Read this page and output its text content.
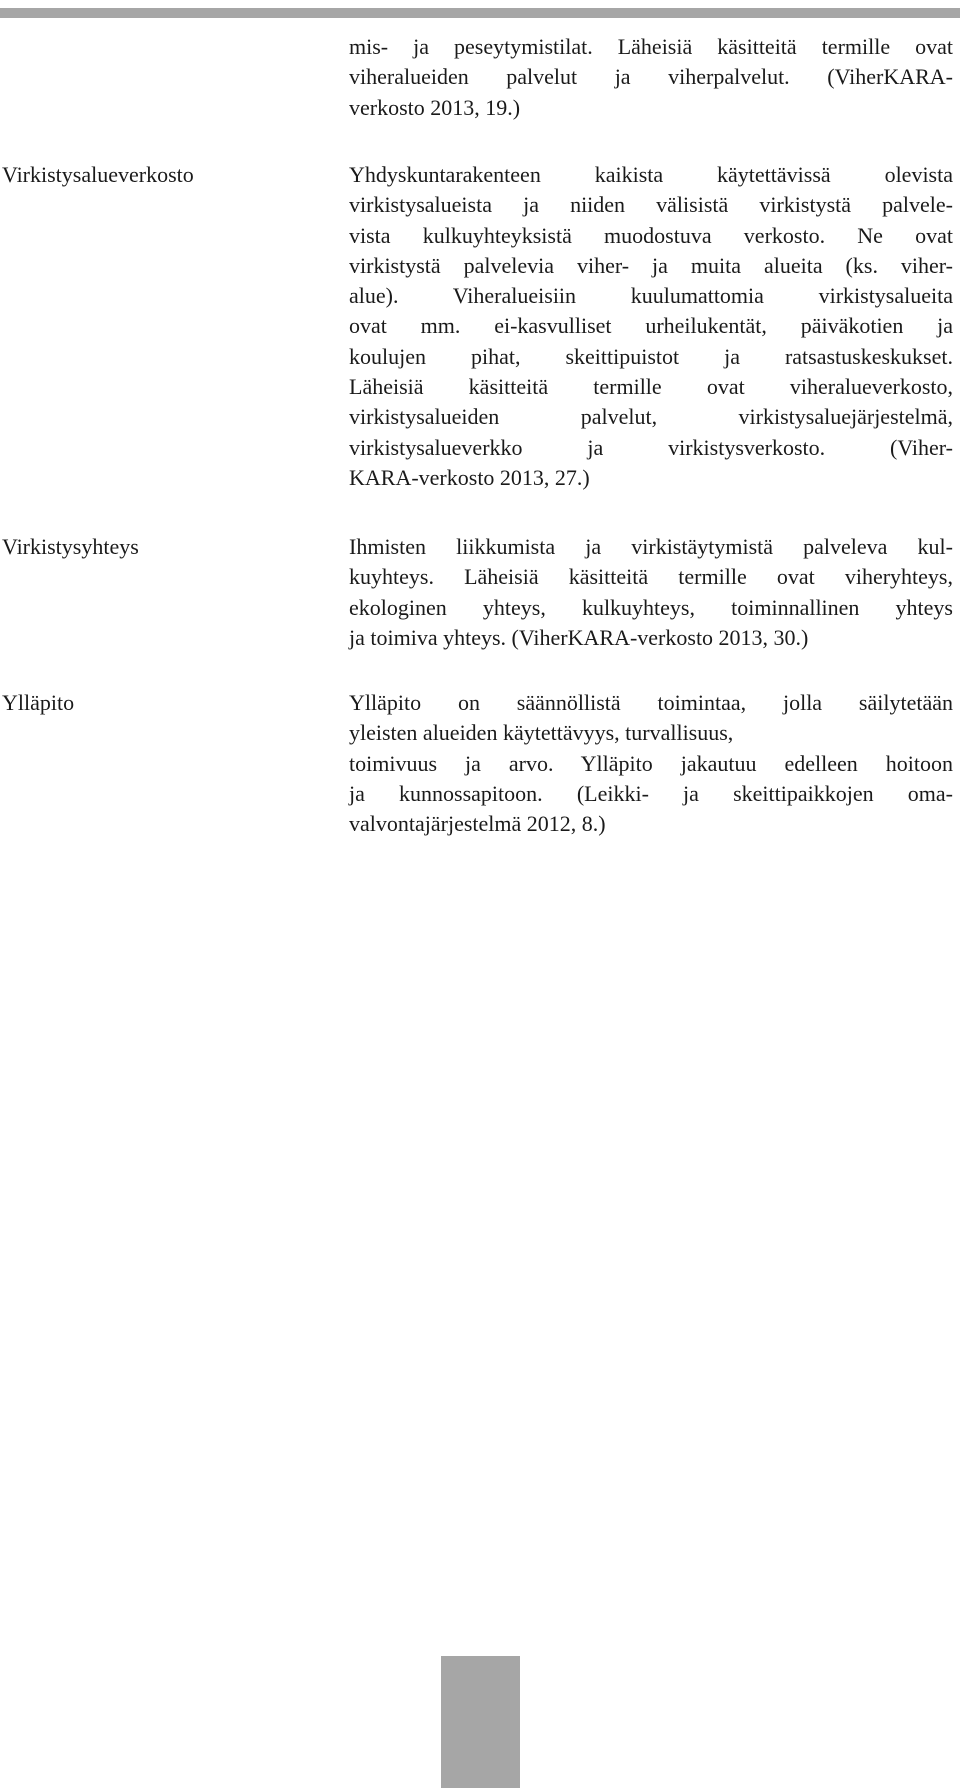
mis- ja peseytymistilat. Läheisiä käsitteitä termille ovat
viheralueiden palvelut ja viherpalvelut. (ViherKARA-
verkosto 2013, 19.)
Virkistysalueverkosto	Yhdyskuntarakenteen kaikista käytettävissä olevista
virkistysalueista ja niiden välisistä virkistystä palvele-
vista kulkuyhteyksistä muodostuva verkosto. Ne ovat
virkistystä palvelevia viher- ja muita alueita (ks. viher-
alue). Viheralueisiin kuulumattomia virkistysalueita
ovat mm. ei-kasvulliset urheilukentät, päiväkotien ja
koulujen pihat, skeittipuistot ja ratsastuskeskukset.
Läheisiä käsitteitä termille ovat viheralueverkosto,
virkistysalueiden palvelut, virkistysaluejärjestelmä,
virkistysalueverkko ja virkistysverkosto. (Viher-
KARA-verkosto 2013, 27.)
Virkistysyhteys	Ihmisten liikkumista ja virkistäytymistä palveleva kul-
kuyhteys. Läheisiä käsitteitä termille ovat viheryhteys,
ekologinen yhteys, kulkuyhteys, toiminnallinen yhteys
ja toimiva yhteys. (ViherKARA-verkosto 2013, 30.)
Ylläpito	Ylläpito on säännöllistä toimintaa, jolla säilytetään
yleisten alueiden käytettävyys, turvallisuus,
toimivuus ja arvo. Ylläpito jakautuu edelleen hoitoon
ja kunnossapitoon. (Leikki- ja skeittipaikkojen oma-
valvontajärjestelmä 2012, 8.)
